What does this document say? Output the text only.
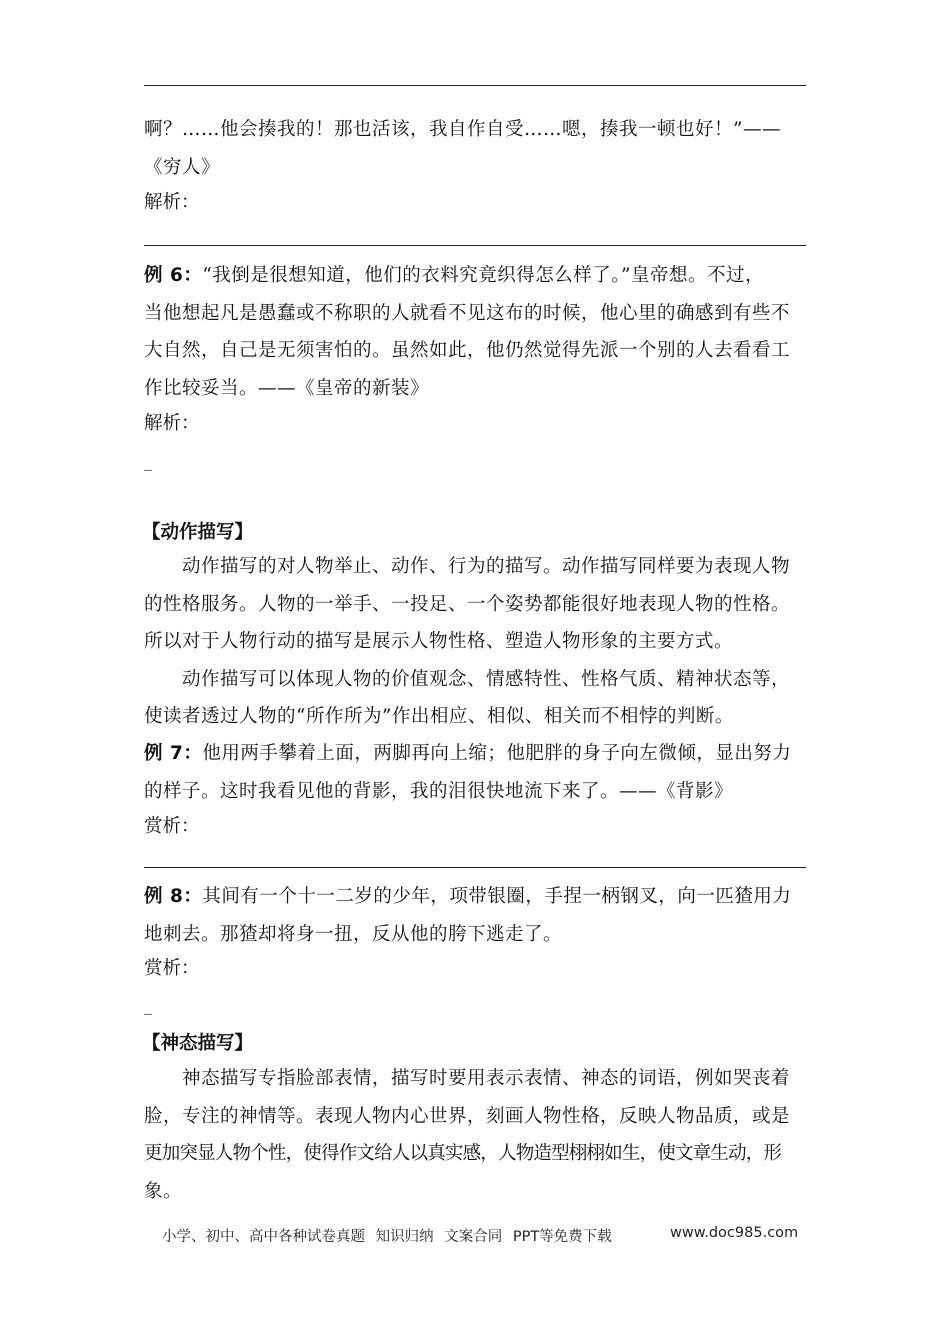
啊？……他会揍我的！那也活该，我自作自受……嗯，揍我一顿也好！”——
《穷人》
解析：
例 6：“我倒是很想知道，他们的衣料究竟织得怎么样了。”皇帝想。不过，
当他想起凡是愚蠢或不称职的人就看不见这布的时候，他心里的确感到有些不
大自然，自己是无须害怕的。虽然如此，他仍然觉得先派一个别的人去看看工
作比较妥当。——《皇帝的新装》
解析：
_
【动作描写】
动作描写的对人物举止、动作、行为的描写。动作描写同样要为表现人物
的性格服务。人物的一举手、一投足、一个姿势都能很好地表现人物的性格。
所以对于人物行动的描写是展示人物性格、塑造人物形象的主要方式。
动作描写可以体现人物的价值观念、情感特性、性格气质、精神状态等，
使读者透过人物的“所作所为”作出相应、相似、相关而不相悖的判断。
例 7：他用两手攀着上面，两脚再向上缩；他肥胖的身子向左微倾，显出努力
的样子。这时我看见他的背影，我的泪很快地流下来了。——《背影》
赏析：
例 8：其间有一个十一二岁的少年，项带银圈，手捏一柄钢叉，向一匹猹用力
地刺去。那猹却将身一扭，反从他的胯下逃走了。
赏析：
_
【神态描写】
神态描写专指脸部表情，描写时要用表示表情、神态的词语，例如哭丧着
脸，专注的神情等。表现人物内心世界，刻画人物性格，反映人物品质，或是
更加突显人物个性，使得作文给人以真实感，人物造型栩栩如生，使文章生动，形
象。
小学、初中、高中各种试卷真题 知识归纳 文案合同 PPT等免费下载	www.doc985.com
